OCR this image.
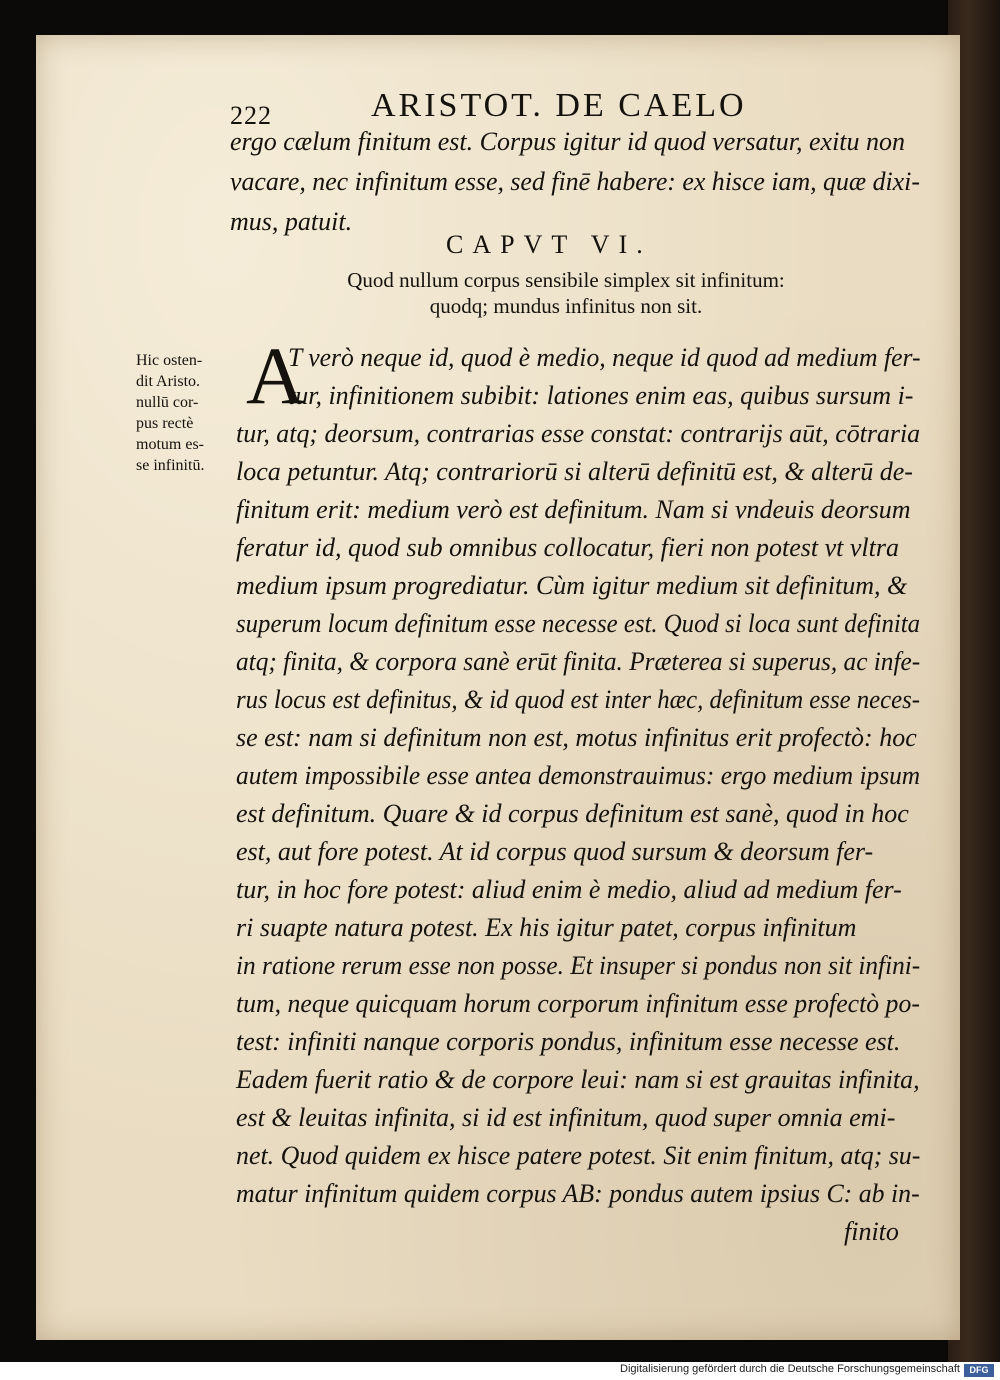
222	ARISTOT. DE CAELO
ergo cælum finitum est. Corpus igitur id quod versatur, exitu non
vacare, nec infinitum esse, sed finē habere: ex hisce iam, quæ dixi-
mus, patuit.
CAPVT VI.
Quod nullum corpus sensibile simplex sit infinitum:
quodq; mundus infinitus non sit.
Hic osten-
dit Aristo.
nullū cor-
pus rectè
motum es-
se infinitū.
A
T verò neque id, quod è medio, neque id quod ad medium fer-
tur, infinitionem subibit: lationes enim eas, quibus sursum i-
tur, atq; deorsum, contrarias esse constat: contrarijs aūt, cōtraria
loca petuntur. Atq; contrariorū si alterū definitū est, & alterū de-
finitum erit: medium verò est definitum. Nam si vndeuis deorsum
feratur id, quod sub omnibus collocatur, fieri non potest vt vltra
medium ipsum progrediatur. Cùm igitur medium sit definitum, &
superum locum definitum esse necesse est. Quod si loca sunt definita
atq; finita, & corpora sanè erūt finita. Præterea si superus, ac infe-
rus locus est definitus, & id quod est inter hæc, definitum esse neces-
se est: nam si definitum non est, motus infinitus erit profectò: hoc
autem impossibile esse antea demonstrauimus: ergo medium ipsum
est definitum. Quare & id corpus definitum est sanè, quod in hoc
est, aut fore potest. At id corpus quod sursum & deorsum fer-
tur, in hoc fore potest: aliud enim è medio, aliud ad medium fer-
ri suapte natura potest. Ex his igitur patet, corpus infinitum
in ratione rerum esse non posse. Et insuper si pondus non sit infini-
tum, neque quicquam horum corporum infinitum esse profectò po-
test: infiniti nanque corporis pondus, infinitum esse necesse est.
Eadem fuerit ratio & de corpore leui: nam si est grauitas infinita,
est & leuitas infinita, si id est infinitum, quod super omnia emi-
net. Quod quidem ex hisce patere potest. Sit enim finitum, atq; su-
matur infinitum quidem corpus AB: pondus autem ipsius C: ab in-
finito
Digitalisierung gefördert durch die Deutsche Forschungsgemeinschaft	DFG
